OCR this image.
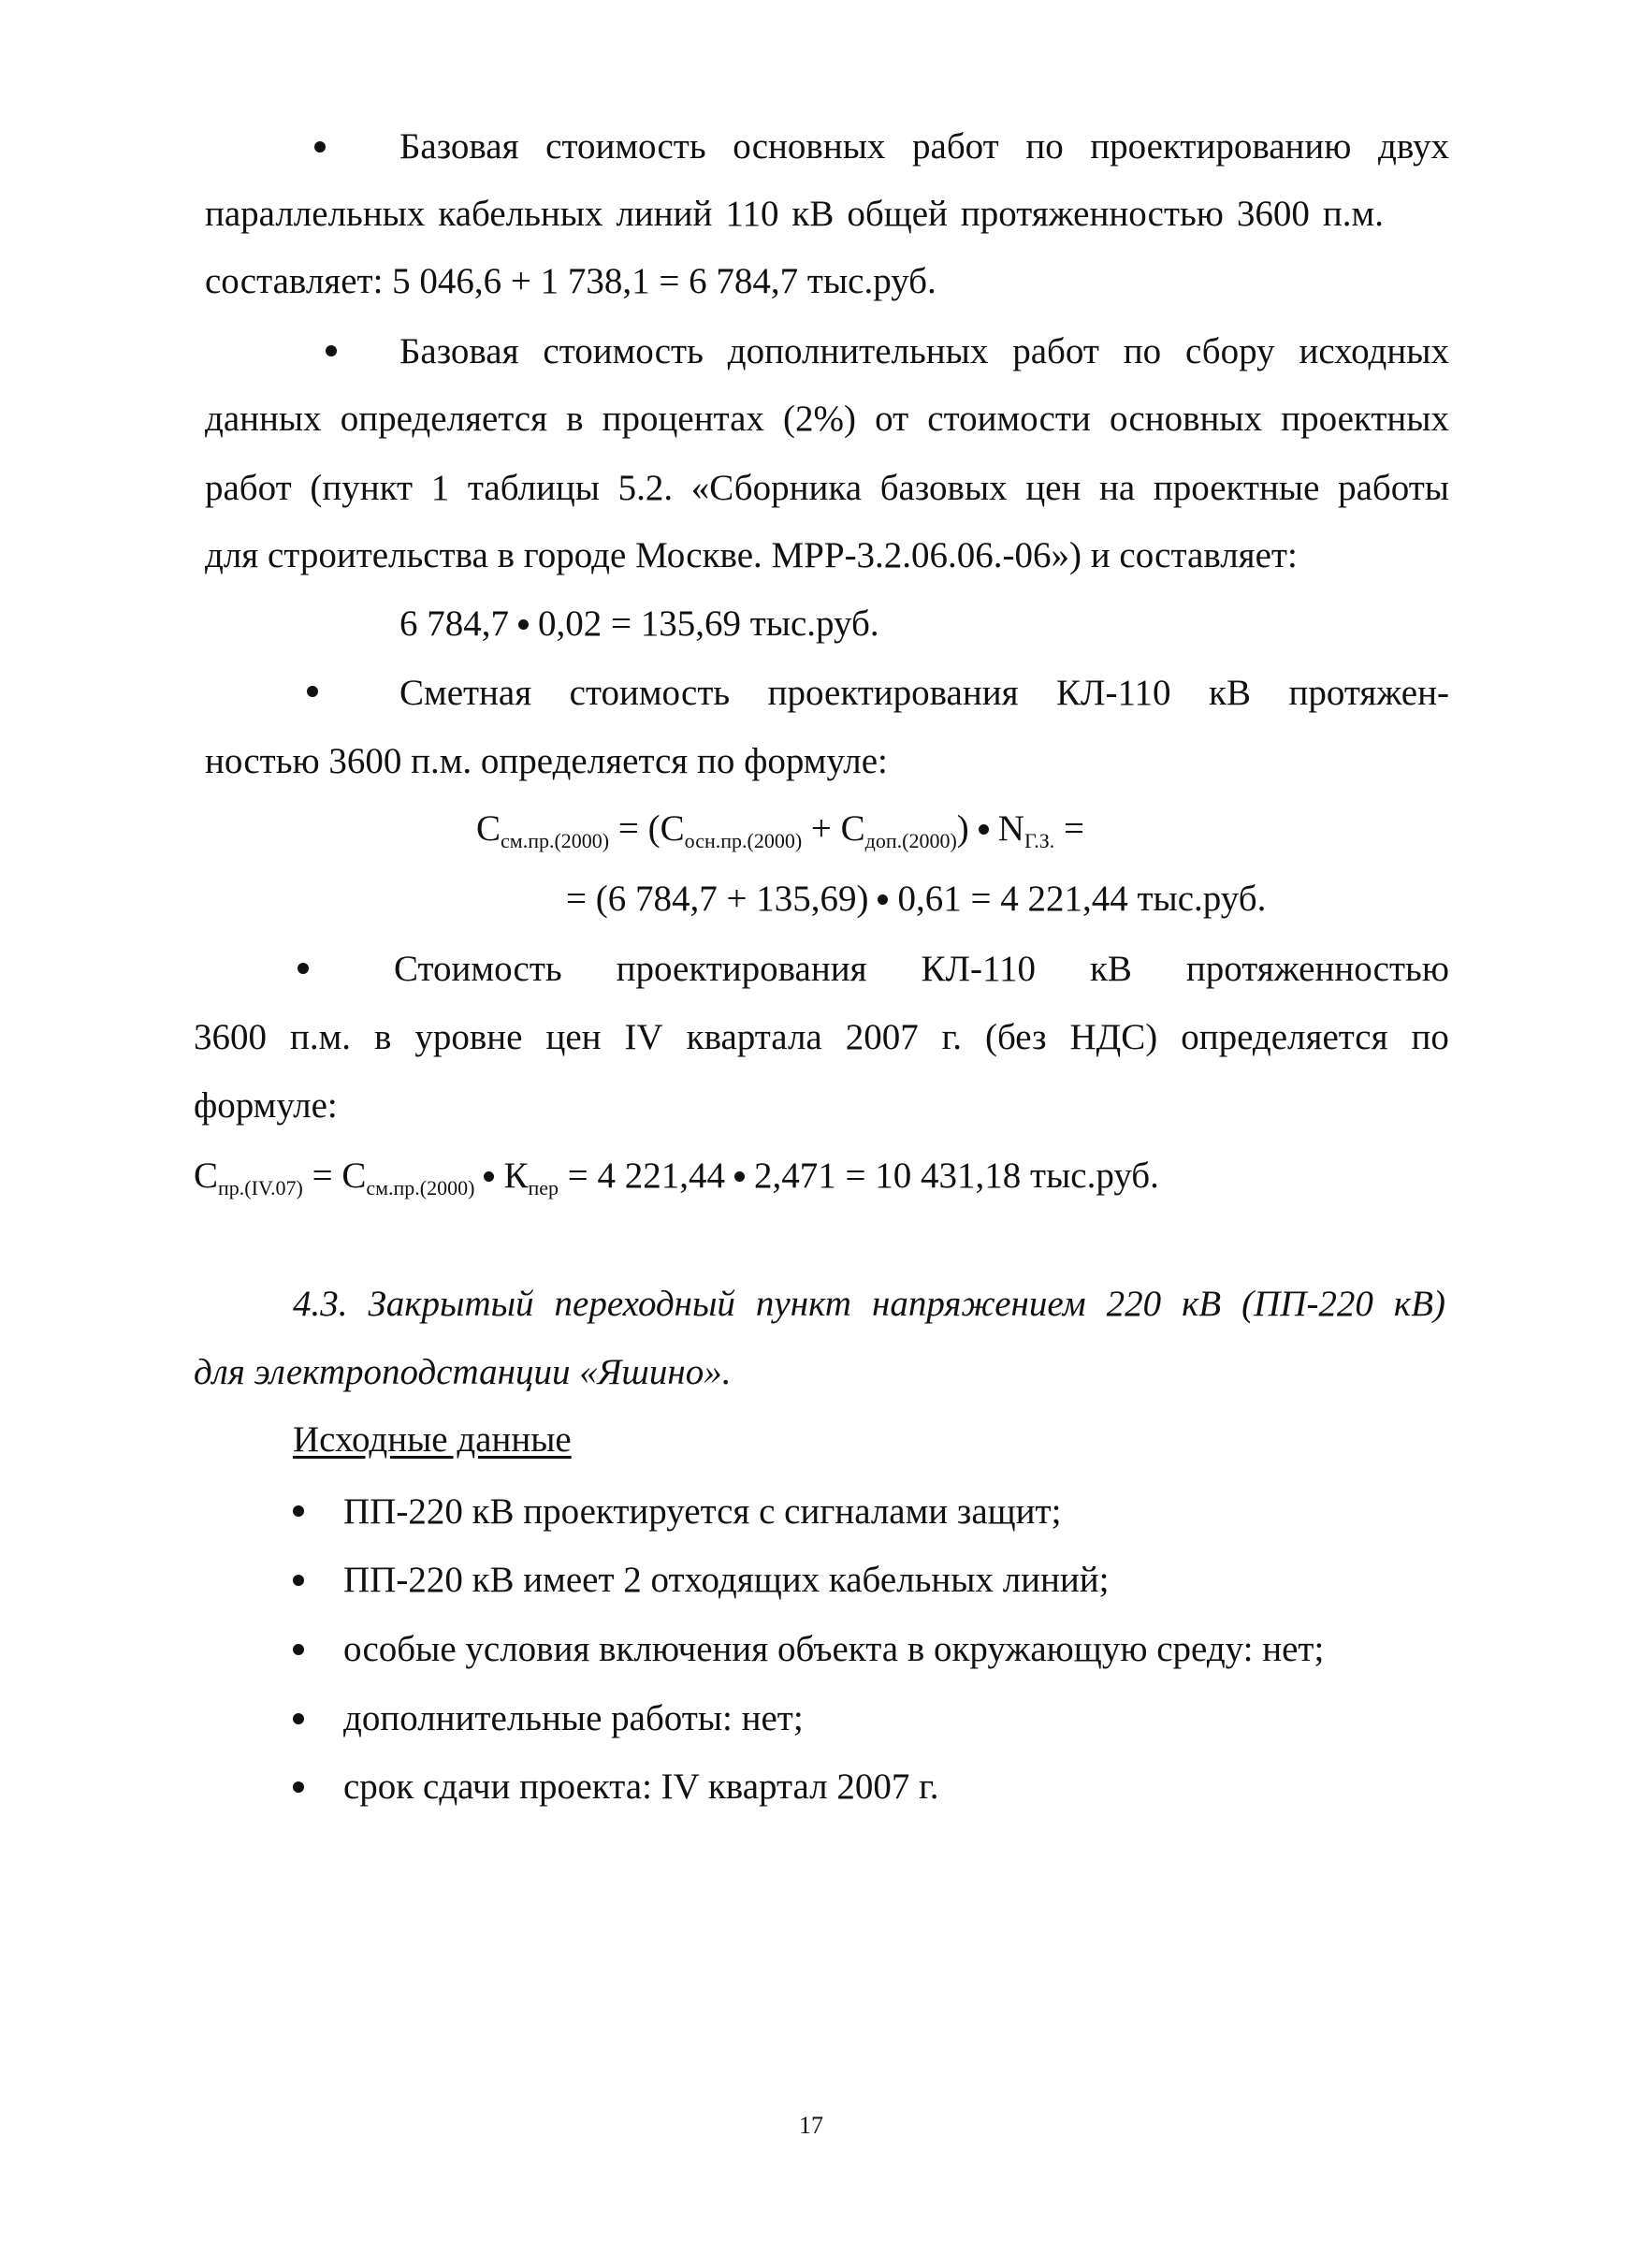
Базовая стоимость основных работ по проектированию двух
параллельных кабельных линий 110 кВ общей протяженностью 3600 п.м.
составляет: 5 046,6 + 1 738,1 = 6 784,7 тыс.руб.
Базовая стоимость дополнительных работ по сбору исходных
данных определяется в процентах (2%) от стоимости основных проектных
работ (пункт 1 таблицы 5.2. «Сборника базовых цен на проектные работы
для строительства в городе Москве. МРР-3.2.06.06.-06») и составляет:
6 784,7 0,02 = 135,69 тыс.руб.
Сметная стоимость проектирования КЛ-110 кВ протяжен-
ностью 3600 п.м. определяется по формуле:
$С_{см.пр.(2000)} = (С_{осн.пр.(2000)} + С_{доп.(2000)}) N_{Г.З.}$ =
= (6 784,7 + 135,69) 0,61 = 4 221,44 тыс.руб.
Стоимость проектирования КЛ-110 кВ протяженностью
3600 п.м. в уровне цен IV квартала 2007 г. (без НДС) определяется по
формуле:
$С_{пр.(IV.07)} = С_{см.пр.(2000)}$ $К_{пер} = 4$ 221,44 2,471 = 10 431,18 тыс.руб.
4.3. Закрытый переходный пункт напряжением 220 кВ (ПП-220 кВ)
для электроподстанции «Яшино».
Исходные данные
ПП-220 кВ проектируется с сигналами защит;
ПП-220 кВ имеет 2 отходящих кабельных линий;
особые условия включения объекта в окружающую среду: нет;
дополнительные работы: нет;
срок сдачи проекта: IV квартал 2007 г.
17
